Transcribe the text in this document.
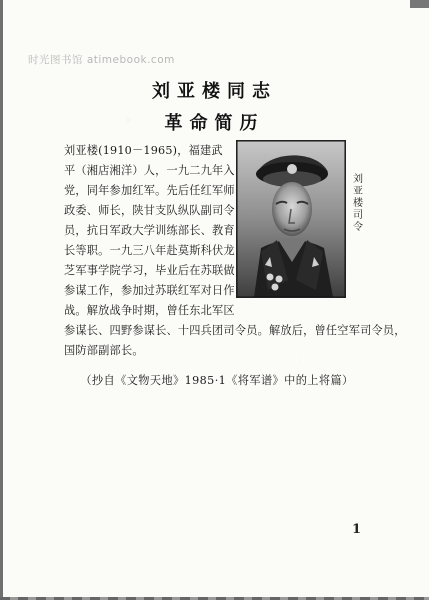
时光图书馆 atimebook.com
刘亚楼同志
革命简历
刘亚楼(1910－1965)，福建武
平（湘店湘洋）人，一九二九年入
党，同年参加红军。先后任红军师
政委、师长，陕甘支队纵队副司令
员，抗日军政大学训练部长、教育
长等职。一九三八年赴莫斯科伏龙
芝军事学院学习，毕业后在苏联做
参谋工作，参加过苏联红军对日作
战。解放战争时期，曾任东北军区
参谋长、四野参谋长、十四兵团司令员。解放后，曾任空军司令员，
国防部副部长。
刘
亚
楼
司
令
（抄自《文物天地》1985·1《将军谱》中的上将篇）
1
